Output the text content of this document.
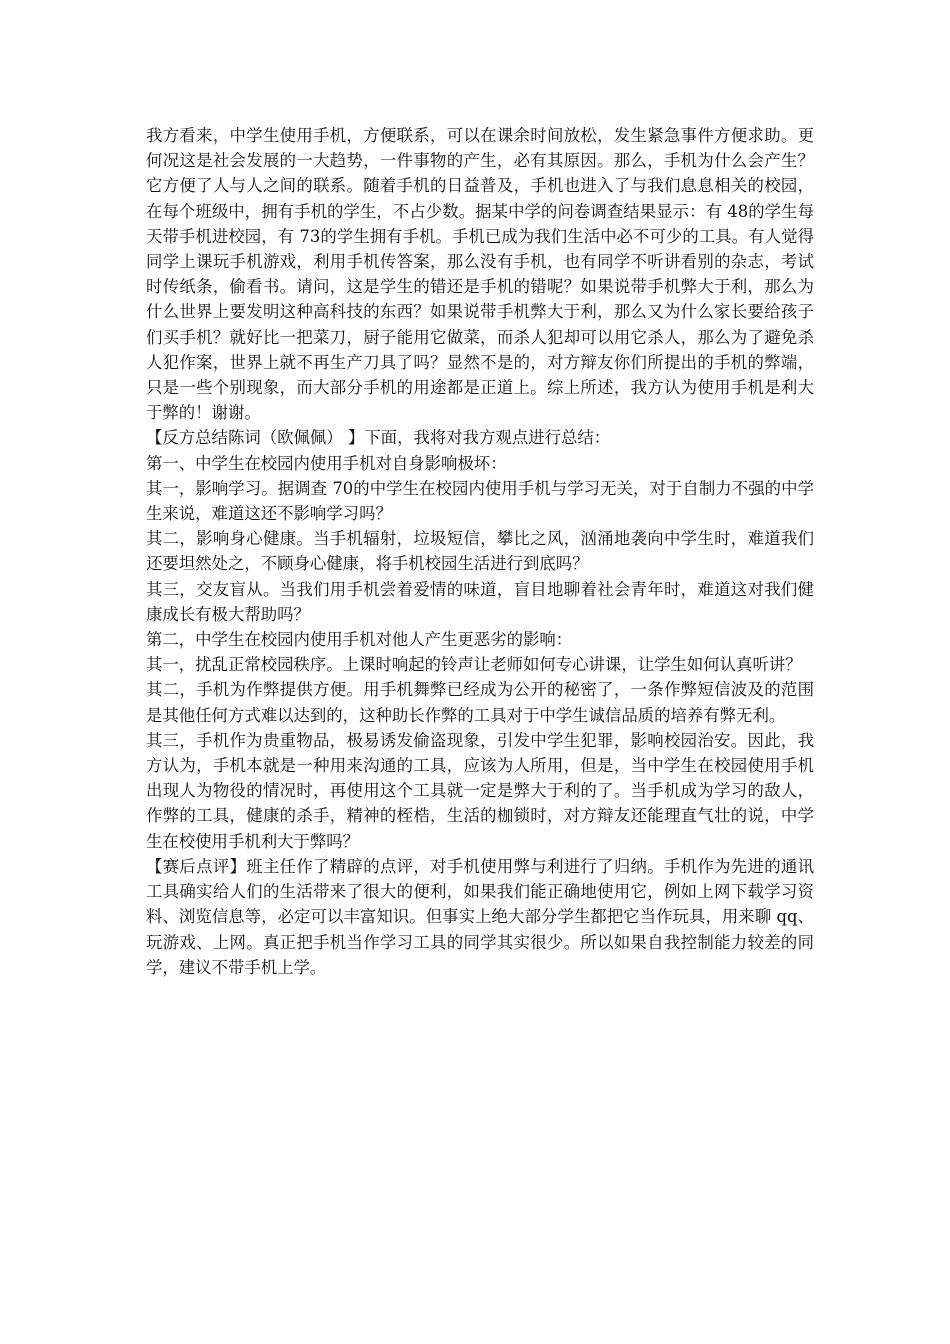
我方看来，中学生使用手机，方便联系，可以在课余时间放松，发生紧急事件方便求助。更何况这是社会发展的一大趋势，一件事物的产生，必有其原因。那么，手机为什么会产生？它方便了人与人之间的联系。随着手机的日益普及，手机也进入了与我们息息相关的校园，在每个班级中，拥有手机的学生，不占少数。据某中学的问卷调查结果显示：有 48的学生每天带手机进校园，有 73的学生拥有手机。手机已成为我们生活中必不可少的工具。有人觉得同学上课玩手机游戏，利用手机传答案，那么没有手机，也有同学不听讲看别的杂志，考试时传纸条，偷看书。请问，这是学生的错还是手机的错呢？如果说带手机弊大于利，那么为什么世界上要发明这种高科技的东西？如果说带手机弊大于利，那么又为什么家长要给孩子们买手机？就好比一把菜刀，厨子能用它做菜，而杀人犯却可以用它杀人，那么为了避免杀人犯作案，世界上就不再生产刀具了吗？显然不是的，对方辩友你们所提出的手机的弊端，只是一些个别现象，而大部分手机的用途都是正道上。综上所述，我方认为使用手机是利大于弊的！谢谢。

【反方总结陈词（欧佩佩） 】下面，我将对我方观点进行总结：

第一、中学生在校园内使用手机对自身影响极坏：

其一，影响学习。据调查 70的中学生在校园内使用手机与学习无关，对于自制力不强的中学生来说，难道这还不影响学习吗？

其二，影响身心健康。当手机辐射，垃圾短信，攀比之风，汹涌地袭向中学生时，难道我们还要坦然处之，不顾身心健康，将手机校园生活进行到底吗？

其三，交友盲从。当我们用手机尝着爱情的味道，盲目地聊着社会青年时，难道这对我们健康成长有极大帮助吗？

第二，中学生在校园内使用手机对他人产生更恶劣的影响：

其一，扰乱正常校园秩序。上课时响起的铃声让老师如何专心讲课，让学生如何认真听讲？

其二，手机为作弊提供方便。用手机舞弊已经成为公开的秘密了，一条作弊短信波及的范围是其他任何方式难以达到的，这种助长作弊的工具对于中学生诚信品质的培养有弊无利。

其三，手机作为贵重物品，极易诱发偷盗现象，引发中学生犯罪，影响校园治安。因此，我方认为，手机本就是一种用来沟通的工具，应该为人所用，但是，当中学生在校园使用手机出现人为物役的情况时，再使用这个工具就一定是弊大于利的了。当手机成为学习的敌人，作弊的工具，健康的杀手，精神的桎梏，生活的枷锁时，对方辩友还能理直气壮的说，中学生在校使用手机利大于弊吗？

【赛后点评】班主任作了精辟的点评，对手机使用弊与利进行了归纳。手机作为先进的通讯工具确实给人们的生活带来了很大的便利，如果我们能正确地使用它，例如上网下载学习资料、浏览信息等，必定可以丰富知识。但事实上绝大部分学生都把它当作玩具，用来聊 qq、玩游戏、上网。真正把手机当作学习工具的同学其实很少。所以如果自我控制能力较差的同学，建议不带手机上学。
